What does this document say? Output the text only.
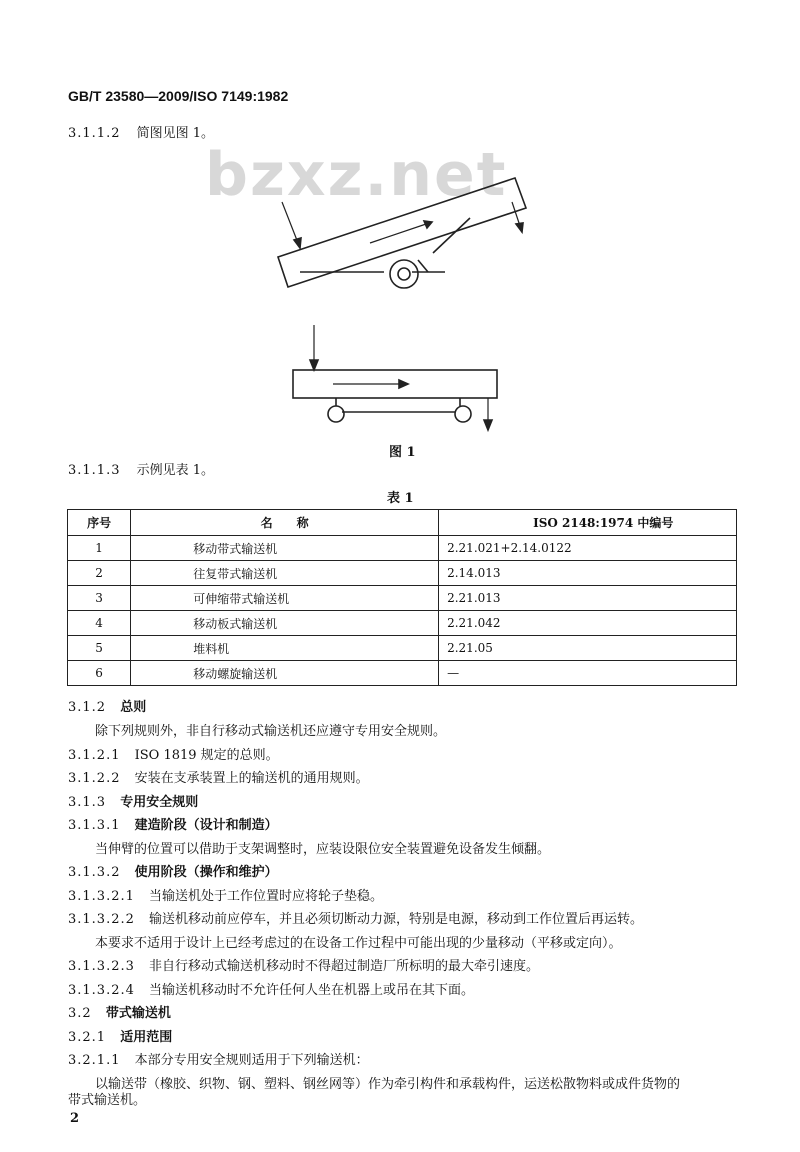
GB/T 23580—2009/ISO 7149:1982
bzxz.net
3.1.1.2 简图见图 1。
图 1
3.1.1.3 示例见表 1。
表 1
序号	名　　称	ISO 2148:1974 中编号
1	移动带式输送机	2.21.021+2.14.0122
2	往复带式输送机	2.14.013
3	可伸缩带式输送机	2.21.013
4	移动板式输送机	2.21.042
5	堆料机	2.21.05
6	移动螺旋输送机	—
3.1.2 总则
除下列规则外，非自行移动式输送机还应遵守专用安全规则。
3.1.2.1 ISO 1819 规定的总则。
3.1.2.2 安装在支承装置上的输送机的通用规则。
3.1.3 专用安全规则
3.1.3.1 建造阶段（设计和制造）
当伸臂的位置可以借助于支架调整时，应装设限位安全装置避免设备发生倾翻。
3.1.3.2 使用阶段（操作和维护）
3.1.3.2.1 当输送机处于工作位置时应将轮子垫稳。
3.1.3.2.2 输送机移动前应停车，并且必须切断动力源，特别是电源，移动到工作位置后再运转。
本要求不适用于设计上已经考虑过的在设备工作过程中可能出现的少量移动（平移或定向）。
3.1.3.2.3 非自行移动式输送机移动时不得超过制造厂所标明的最大牵引速度。
3.1.3.2.4 当输送机移动时不允许任何人坐在机器上或吊在其下面。
3.2 带式输送机
3.2.1 适用范围
3.2.1.1 本部分专用安全规则适用于下列输送机：
以输送带（橡胶、织物、钢、塑料、钢丝网等）作为牵引构件和承载构件，运送松散物料或成件货物的
带式输送机。
2
